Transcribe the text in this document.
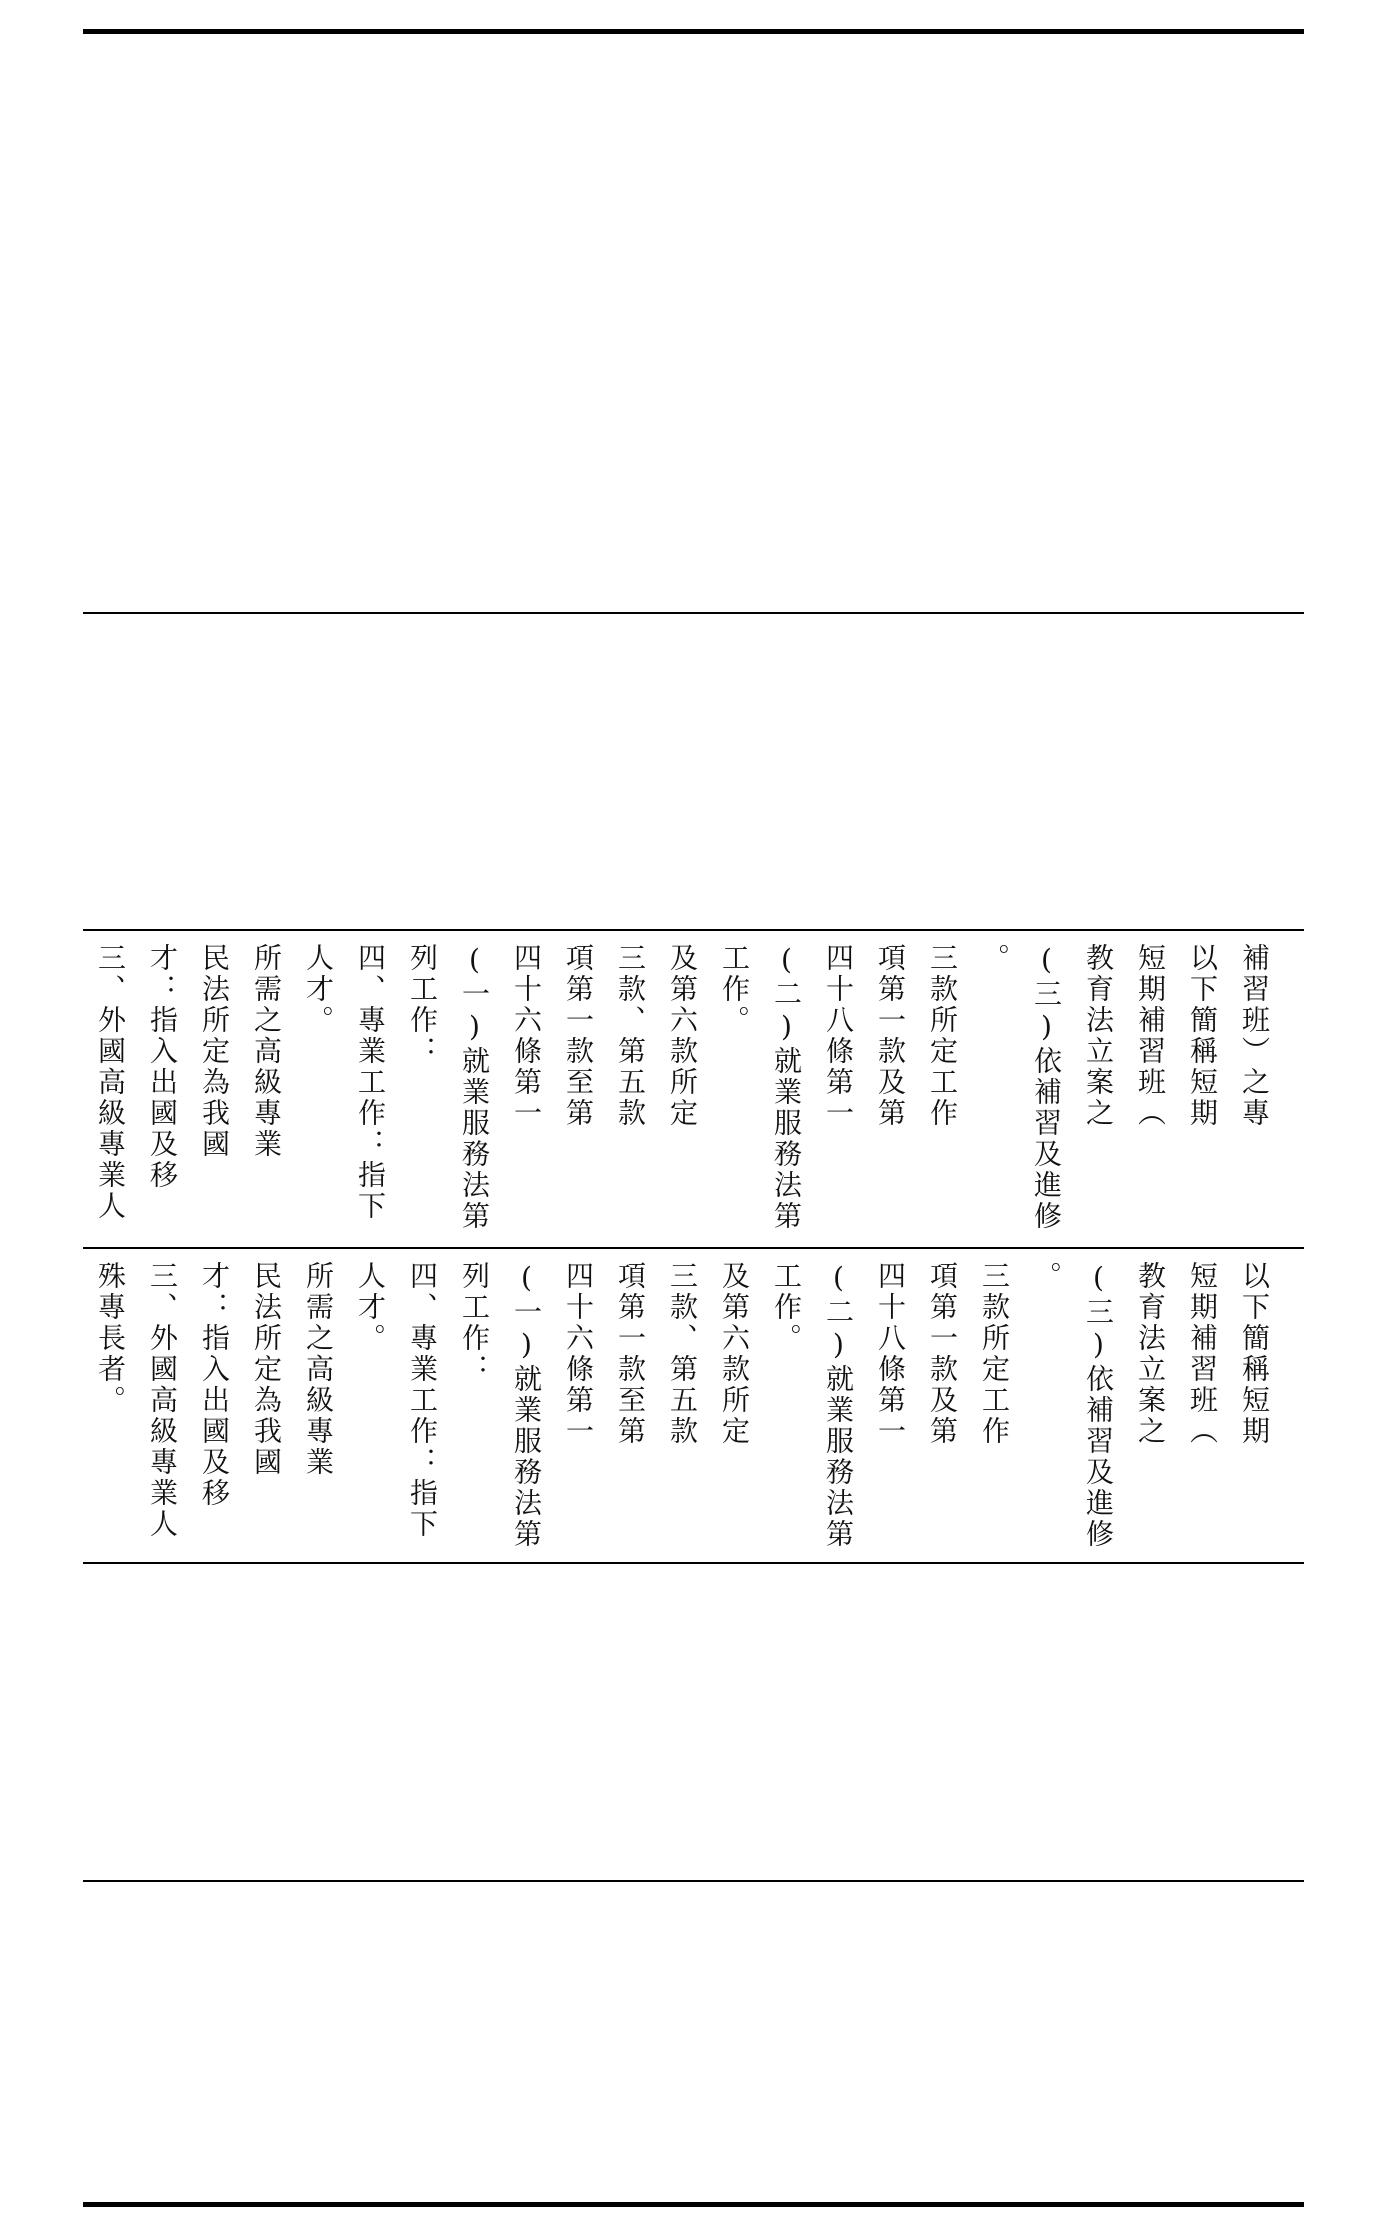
三、外國高級專業人 才：指入出國及移 民法所定為我國 所需之高級專業 人才。 四、專業工作：指下 列工作： (一)就業服務法第 四十六條第一 項第一款至第 三款、第五款 及第六款所定 工作。 (二)就業服務法第 四十八條第一 項第一款及第 三款所定工作 。 (三)依補習及進修 教育法立案之 短期補習班（ 以下簡稱短期 補習班）之專
殊專長者。 三、外國高級專業人 才：指入出國及移 民法所定為我國 所需之高級專業 人才。 四、專業工作：指下 列工作： (一)就業服務法第 四十六條第一 項第一款至第 三款、第五款 及第六款所定 工作。 (二)就業服務法第 四十八條第一 項第一款及第 三款所定工作 。 (三)依補習及進修 教育法立案之 短期補習班（ 以下簡稱短期
